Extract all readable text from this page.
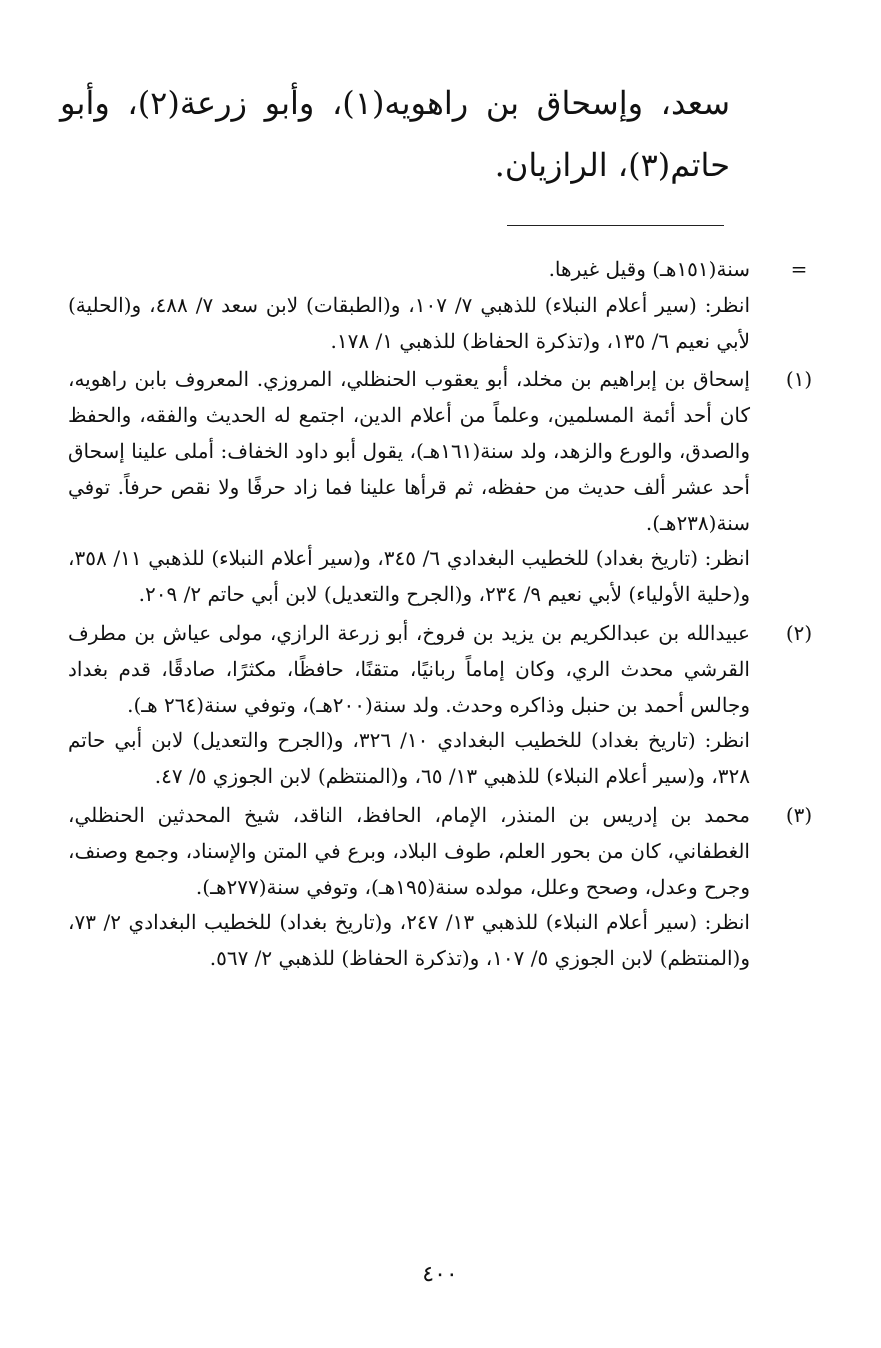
سعد، وإسحاق بن راهويه(١)، وأبو زرعة(٢)، وأبو حاتم(٣)، الرازيان.
=

سنة(١٥١هـ) وقيل غيرها.

انظر: (سير أعلام النبلاء) للذهبي ٧/ ١٠٧، و(الطبقات) لابن سعد ٧/ ٤٨٨، و(الحلية) لأبي نعيم ٦/ ١٣٥، و(تذكرة الحفاظ) للذهبي ١/ ١٧٨.

(١)

إسحاق بن إبراهيم بن مخلد، أبو يعقوب الحنظلي، المروزي. المعروف بابن راهويه، كان أحد أئمة المسلمين، وعلماً من أعلام الدين، اجتمع له الحديث والفقه، والحفظ والصدق، والورع والزهد، ولد سنة(١٦١هـ)، يقول أبو داود الخفاف: أملى علينا إسحاق أحد عشر ألف حديث من حفظه، ثم قرأها علينا فما زاد حرفًا ولا نقص حرفاً. توفي سنة(٢٣٨هـ).

انظر: (تاريخ بغداد) للخطيب البغدادي ٦/ ٣٤٥، و(سير أعلام النبلاء) للذهبي ١١/ ٣٥٨، و(حلية الأولياء) لأبي نعيم ٩/ ٢٣٤، و(الجرح والتعديل) لابن أبي حاتم ٢/ ٢٠٩.

(٢)

عبيدالله بن عبدالكريم بن يزيد بن فروخ، أبو زرعة الرازي، مولى عياش بن مطرف القرشي محدث الري، وكان إماماً ربانيًا، متقنًا، حافظًا، مكثرًا، صادقًا، قدم بغداد وجالس أحمد بن حنبل وذاكره وحدث. ولد سنة(٢٠٠هـ)، وتوفي سنة(٢٦٤ هـ).

انظر: (تاريخ بغداد) للخطيب البغدادي ١٠/ ٣٢٦، و(الجرح والتعديل) لابن أبي حاتم ٣٢٨، و(سير أعلام النبلاء) للذهبي ١٣/ ٦٥، و(المنتظم) لابن الجوزي ٥/ ٤٧.

(٣)

محمد بن إدريس بن المنذر، الإمام، الحافظ، الناقد، شيخ المحدثين الحنظلي، الغطفاني، كان من بحور العلم، طوف البلاد، وبرع في المتن والإسناد، وجمع وصنف، وجرح وعدل، وصحح وعلل، مولده سنة(١٩٥هـ)، وتوفي سنة(٢٧٧هـ).

انظر: (سير أعلام النبلاء) للذهبي ١٣/ ٢٤٧، و(تاريخ بغداد) للخطيب البغدادي ٢/ ٧٣، و(المنتظم) لابن الجوزي ٥/ ١٠٧، و(تذكرة الحفاظ) للذهبي ٢/ ٥٦٧.

٤٠٠
